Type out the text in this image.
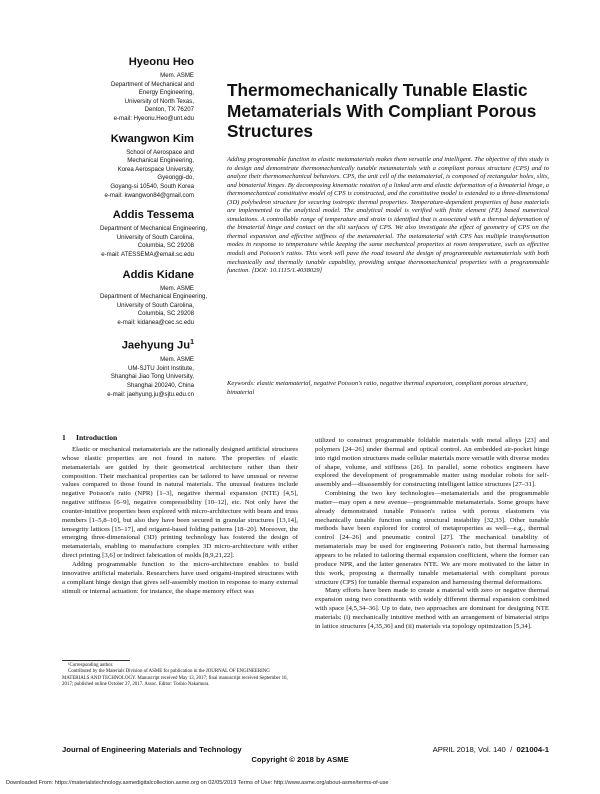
Hyeonu Heo
Mem. ASME
Department of Mechanical and
Energy Engineering,
University of North Texas,
Denton, TX 76207
e-mail: Hyeonu.Heo@unt.edu
Kwangwon Kim
School of Aerospace and
Mechanical Engineering,
Korea Aerospace University,
Gyeonggi-do,
Goyang-si 10540, South Korea
e-mail: kwangwon84@gmail.com
Addis Tessema
Department of Mechanical Engineering,
University of South Carolina,
Columbia, SC 29208
e-mail: ATESSEMA@email.sc.edu
Addis Kidane
Mem. ASME
Department of Mechanical Engineering,
University of South Carolina,
Columbia, SC 29208
e-mail: kidanea@cec.sc.edu
Jaehyung Ju$^1$
Mem. ASME
UM-SJTU Joint Institute,
Shanghai Jiao Tong University,
Shanghai 200240, China
e-mail: jaehyung.ju@sjtu.edu.cn
Thermomechanically Tunable Elastic Metamaterials With Compliant Porous Structures
Adding programmable function to elastic metamaterials makes them versatile and intelligent. The objective of this study is to design and demonstrate thermomechanically tunable metamaterials with a compliant porous structure (CPS) and to analyze their thermomechanical behaviors. CPS, the unit cell of the metamaterial, is composed of rectangular holes, slits, and bimaterial hinges. By decomposing kinematic rotation of a linked arm and elastic deformation of a bimaterial hinge, a thermomechanical constitutive model of CPS is constructed, and the constitutive model is extended to a three-dimensional (3D) polyhedron structure for securing isotropic thermal properties. Temperature-dependent properties of base materials are implemented to the analytical model. The analytical model is verified with finite element (FE) based numerical simulations. A controllable range of temperature and strain is identified that is associated with a thermal deformation of the bimaterial hinge and contact on the slit surfaces of CPS. We also investigate the effect of geometry of CPS on the thermal expansion and effective stiffness of the metamaterial. The metamaterial with CPS has multiple transformation modes in response to temperature while keeping the same mechanical properties at room temperature, such as effective moduli and Poisson's ratios. This work will pave the road toward the design of programmable metamaterials with both mechanically and thermally tunable capability, providing unique thermomechanical properties with a programmable function. [DOI: 10.1115/1.4038029]
Keywords: elastic metamaterial, negative Poisson's ratio, negative thermal expansion, compliant porous structure, bimaterial
1 Introduction

Elastic or mechanical metamaterials are the rationally designed artificial structures whose elastic properties are not found in nature. The properties of elastic metamaterials are guided by their geometrical architecture rather than their composition. Their mechanical properties can be tailored to have unusual or reverse values compared to those found in natural materials. The unusual features include negative Poisson's ratio (NPR) [1–3], negative thermal expansion (NTE) [4,5], negative stiffness [6–9], negative compressibility [10–12], etc. Not only have the counter-intuitive properties been explored with micro-architecture with beam and truss members [1–5,8–10], but also they have been secured in granular structures [13,14], tensegrity lattices [15–17], and origami-based folding patterns [18–20]. Moreover, the emerging three-dimensional (3D) printing technology has fostered the design of metamaterials, enabling to manufacture complex 3D micro-architecture with either direct printing [3,6] or indirect fabrication of molds [8,9,21,22].

Adding programmable function to the micro-architecture enables to build innovative artificial materials. Researchers have used origami-inspired structures with a compliant hinge design that gives self-assembly motion in response to many external stimuli or internal actuation: for instance, the shape memory effect was

utilized to construct programmable foldable materials with metal alloys [23] and polymers [24–26] under thermal and optical control. An embedded air-pocket hinge into rigid motion structures made cellular materials more versatile with diverse modes of shape, volume, and stiffness [26]. In parallel, some robotics engineers have explored the development of programmable matter using modular robots for self-assembly and—disassembly for constructing intelligent lattice structures [27–31].

Combining the two key technologies—metamaterials and the programmable matter—may open a new avenue—programmable metamaterials. Some groups have already demonstrated tunable Poisson's ratios with porous elastomers via mechanically tunable function using structural instability [32,33]. Other tunable methods have been explored for control of metaproperties as well—e.g., thermal control [24–26] and pneumatic control [27]. The mechanical tunability of metamaterials may be used for engineering Poisson's ratio, but thermal harnessing appears to be related to tailoring thermal expansion coefficient, where the former can produce NPR, and the latter generates NTE. We are more motivated to the latter in this work, proposing a thermally tunable metamaterial with compliant porous structure (CPS) for tunable thermal expansion and harnessing thermal deformations.

Many efforts have been made to create a material with zero or negative thermal expansion using two constituents with widely different thermal expansion combined with space [4,5,34–36]. Up to date, two approaches are dominant for designing NTE materials: (i) mechanically intuitive method with an arrangement of bimaterial strips in lattice structures [4,35,36] and (ii) materials via topology optimization [5,34].

¹Corresponding author.

Contributed by the Materials Division of ASME for publication in the JOURNAL OF ENGINEERING MATERIALS AND TECHNOLOGY. Manuscript received May 13, 2017; final manuscript received September 16, 2017; published online October 27, 2017. Assoc. Editor: Toshio Nakamura.

Journal of Engineering Materials and Technology	APRIL 2018, Vol. 140  /  021004-1
Copyright © 2018 by ASME
Downloaded From: https://materialstechnology.asmedigitalcollection.asme.org on 02/05/2019 Terms of Use: http://www.asme.org/about-asme/terms-of-use
